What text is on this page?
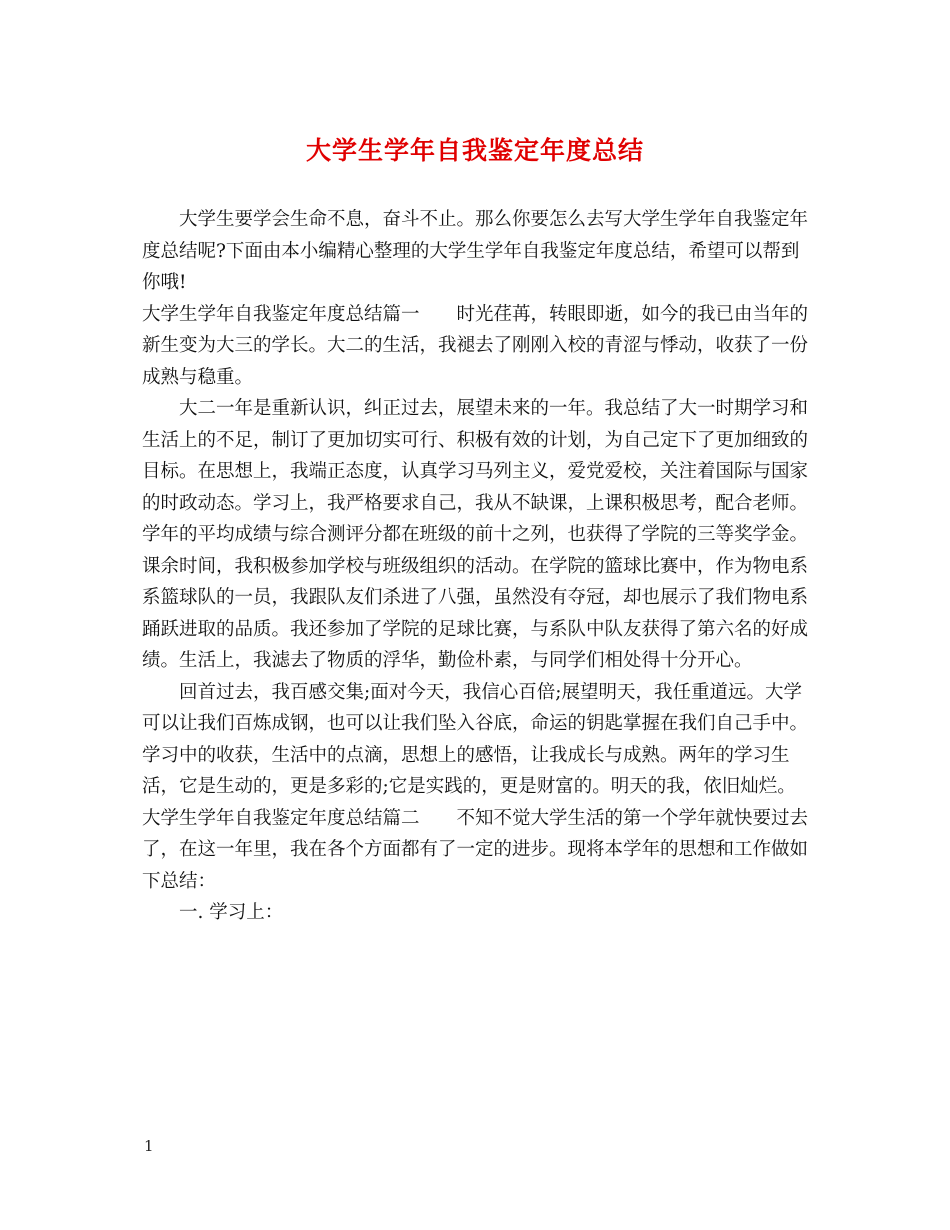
大学生学年自我鉴定年度总结

大学生要学会生命不息，奋斗不止。那么你要怎么去写大学生学年自我鉴定年度总结呢?下面由本小编精心整理的大学生学年自我鉴定年度总结，希望可以帮到你哦!

大学生学年自我鉴定年度总结篇一　　时光荏苒，转眼即逝，如今的我已由当年的新生变为大三的学长。大二的生活，我褪去了刚刚入校的青涩与悸动，收获了一份成熟与稳重。

大二一年是重新认识，纠正过去，展望未来的一年。我总结了大一时期学习和生活上的不足，制订了更加切实可行、积极有效的计划，为自己定下了更加细致的目标。在思想上，我端正态度，认真学习马列主义，爱党爱校，关注着国际与国家的时政动态。学习上，我严格要求自己，我从不缺课，上课积极思考，配合老师。学年的平均成绩与综合测评分都在班级的前十之列，也获得了学院的三等奖学金。课余时间，我积极参加学校与班级组织的活动。在学院的篮球比赛中，作为物电系系篮球队的一员，我跟队友们杀进了八强，虽然没有夺冠，却也展示了我们物电系踊跃进取的品质。我还参加了学院的足球比赛，与系队中队友获得了第六名的好成绩。生活上，我滤去了物质的浮华，勤俭朴素，与同学们相处得十分开心。

回首过去，我百感交集;面对今天，我信心百倍;展望明天，我任重道远。大学可以让我们百炼成钢，也可以让我们坠入谷底，命运的钥匙掌握在我们自己手中。学习中的收获，生活中的点滴，思想上的感悟，让我成长与成熟。两年的学习生活，它是生动的，更是多彩的;它是实践的，更是财富的。明天的我，依旧灿烂。

大学生学年自我鉴定年度总结篇二　　不知不觉大学生活的第一个学年就快要过去了，在这一年里，我在各个方面都有了一定的进步。现将本学年的思想和工作做如下总结：

一. 学习上：

1
